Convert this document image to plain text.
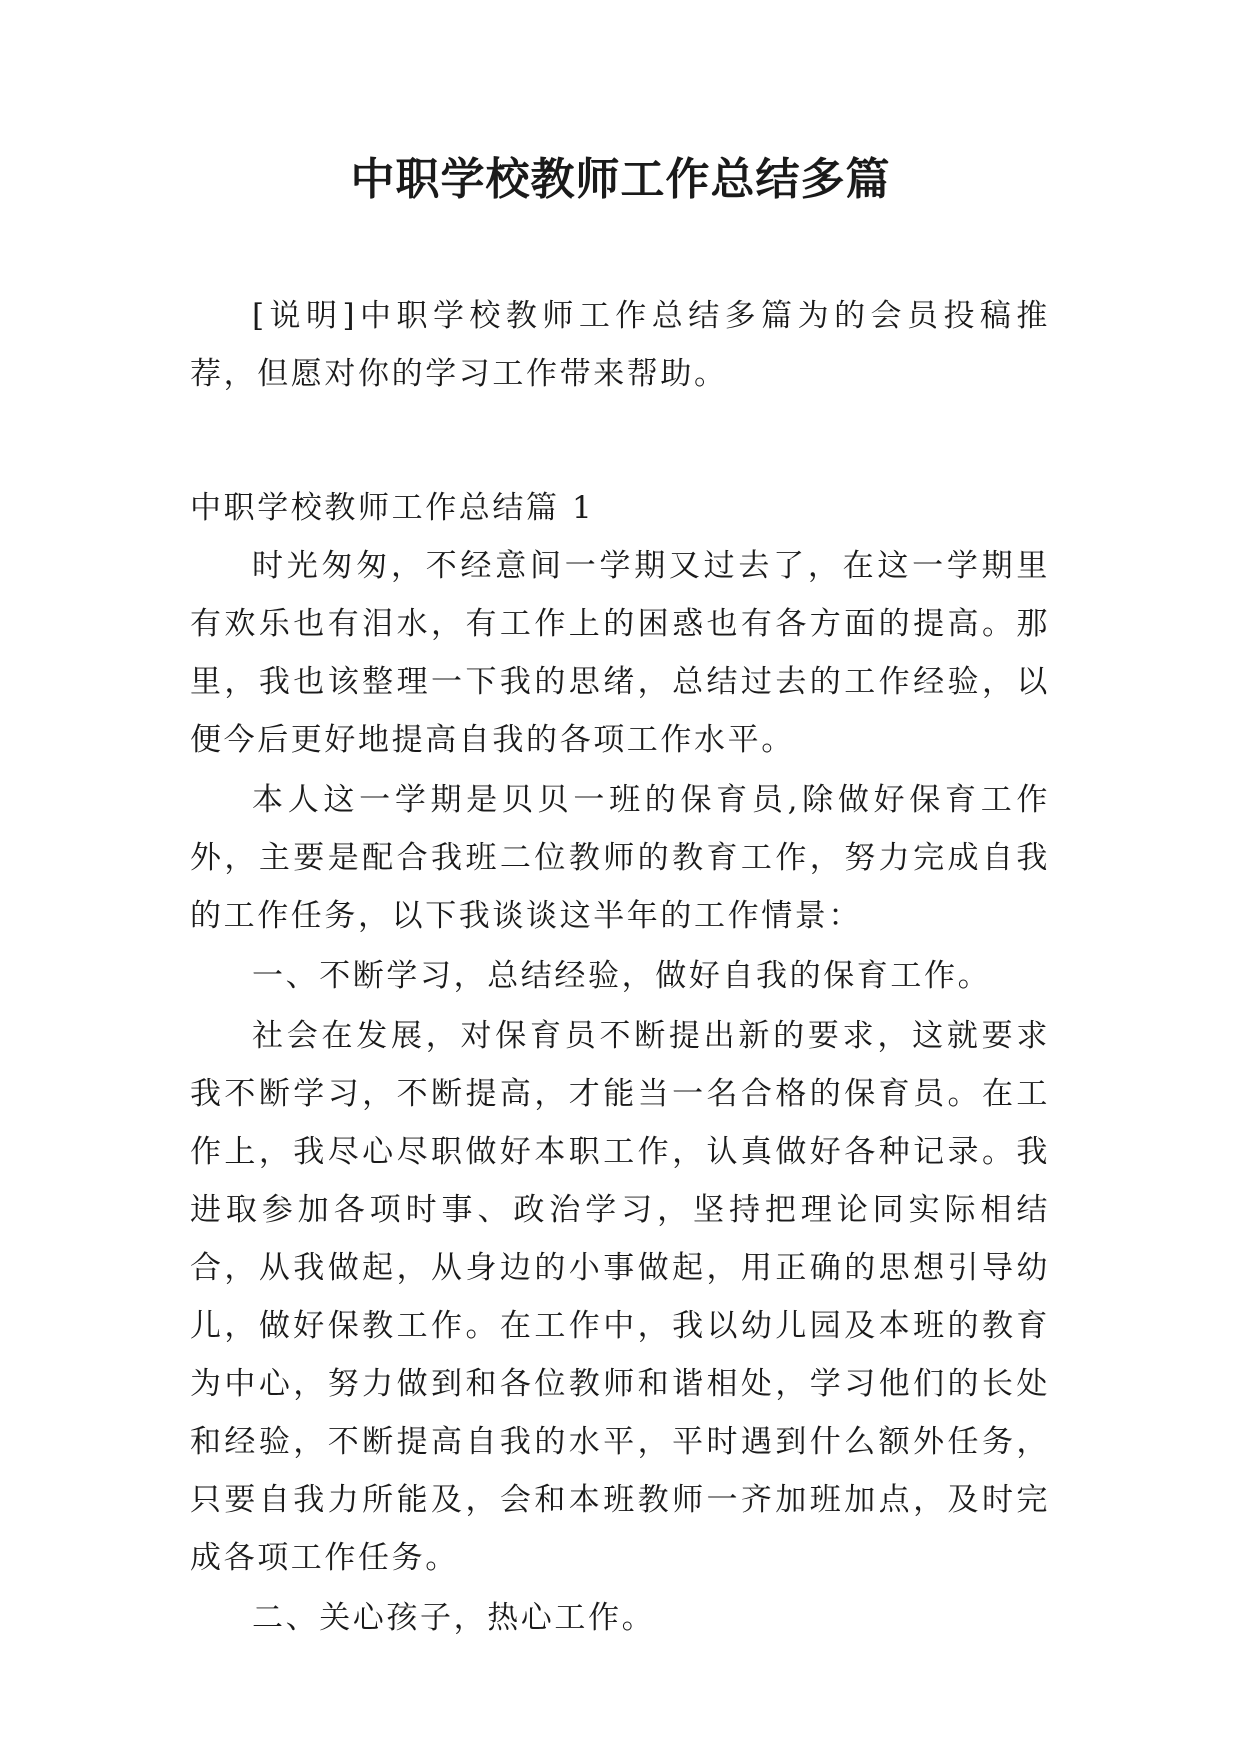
中职学校教师工作总结多篇

[说明]中职学校教师工作总结多篇为的会员投稿推荐，但愿对你的学习工作带来帮助。

中职学校教师工作总结篇 1

时光匆匆，不经意间一学期又过去了，在这一学期里有欢乐也有泪水，有工作上的困惑也有各方面的提高。那里，我也该整理一下我的思绪，总结过去的工作经验，以便今后更好地提高自我的各项工作水平。

本人这一学期是贝贝一班的保育员,除做好保育工作外，主要是配合我班二位教师的教育工作，努力完成自我的工作任务，以下我谈谈这半年的工作情景：

一、不断学习，总结经验，做好自我的保育工作。

社会在发展，对保育员不断提出新的要求，这就要求我不断学习，不断提高，才能当一名合格的保育员。在工作上，我尽心尽职做好本职工作，认真做好各种记录。我进取参加各项时事、政治学习，坚持把理论同实际相结合，从我做起，从身边的小事做起，用正确的思想引导幼儿，做好保教工作。在工作中，我以幼儿园及本班的教育为中心，努力做到和各位教师和谐相处，学习他们的长处和经验，不断提高自我的水平，平时遇到什么额外任务，只要自我力所能及，会和本班教师一齐加班加点，及时完成各项工作任务。

二、关心孩子，热心工作。
